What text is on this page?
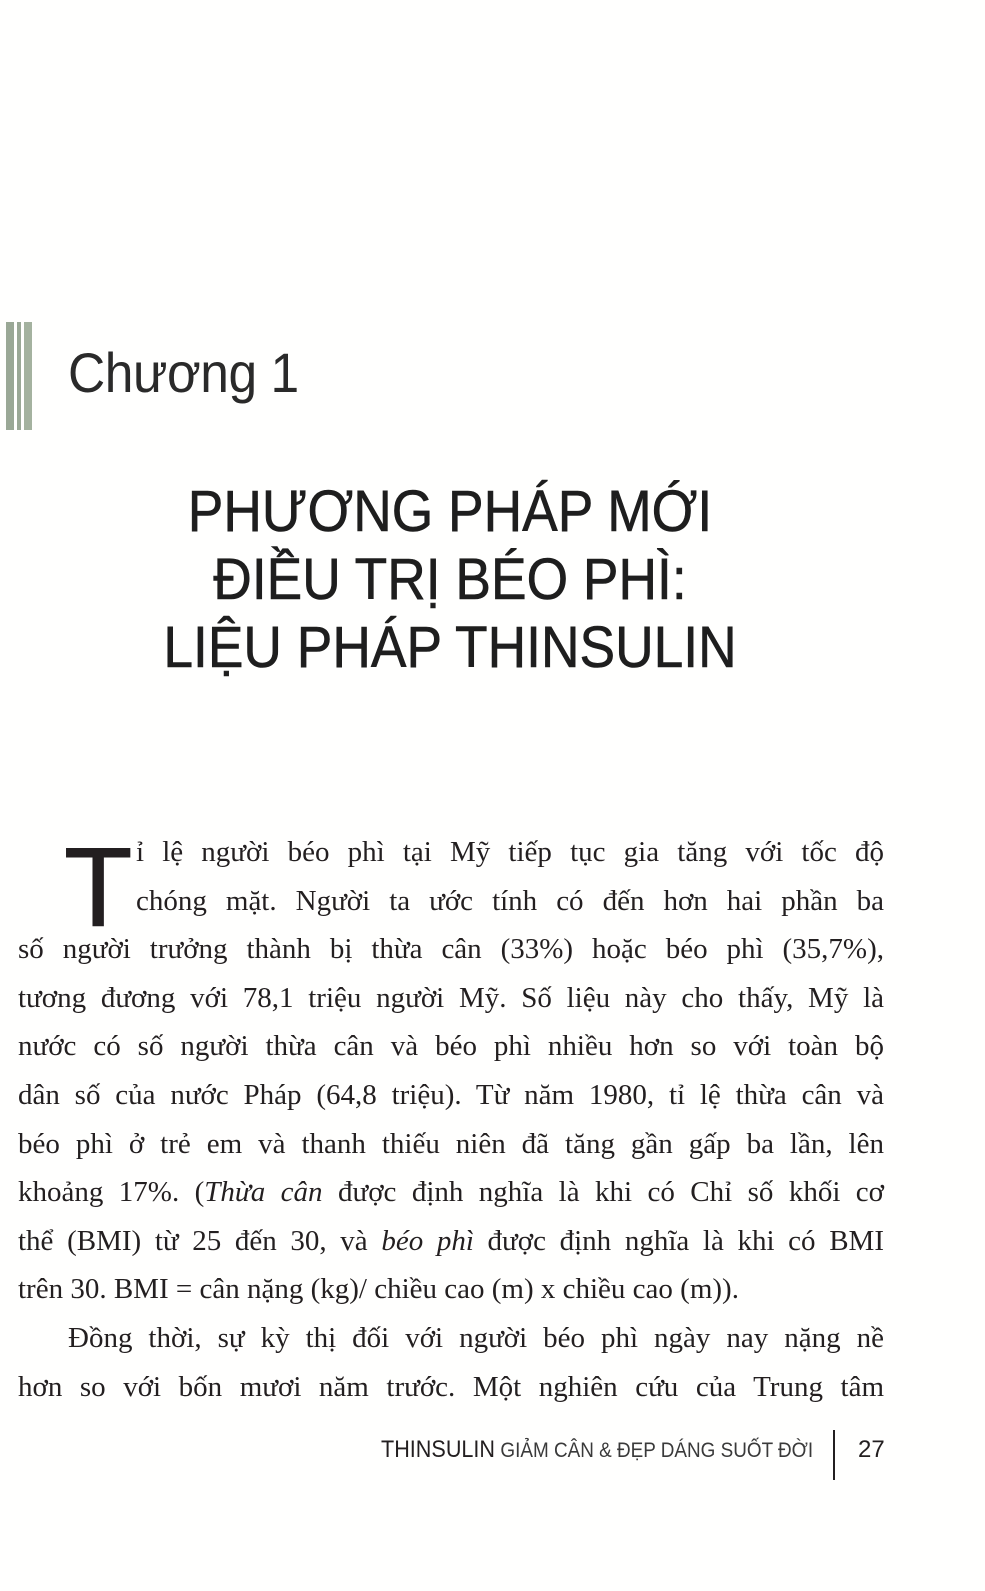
Chương 1
PHƯƠNG PHÁP MỚI
ĐIỀU TRỊ BÉO PHÌ:
LIỆU PHÁP THINSULIN
T ỉ lệ người béo phì tại Mỹ tiếp tục gia tăng với tốc độ
chóng mặt. Người ta ước tính có đến hơn hai phần ba
số người trưởng thành bị thừa cân (33%) hoặc béo phì (35,7%),
tương đương với 78,1 triệu người Mỹ. Số liệu này cho thấy, Mỹ là
nước có số người thừa cân và béo phì nhiều hơn so với toàn bộ
dân số của nước Pháp (64,8 triệu). Từ năm 1980, tỉ lệ thừa cân và
béo phì ở trẻ em và thanh thiếu niên đã tăng gần gấp ba lần, lên
khoảng 17%. (Thừa cân được định nghĩa là khi có Chỉ số khối cơ
thể (BMI) từ 25 đến 30, và béo phì được định nghĩa là khi có BMI
trên 30. BMI = cân nặng (kg)/ chiều cao (m) x chiều cao (m)).
Đồng thời, sự kỳ thị đối với người béo phì ngày nay nặng nề
hơn so với bốn mươi năm trước. Một nghiên cứu của Trung tâm
THINSULIN GIẢM CÂN & ĐẸP DÁNG SUỐT ĐỜI 27
